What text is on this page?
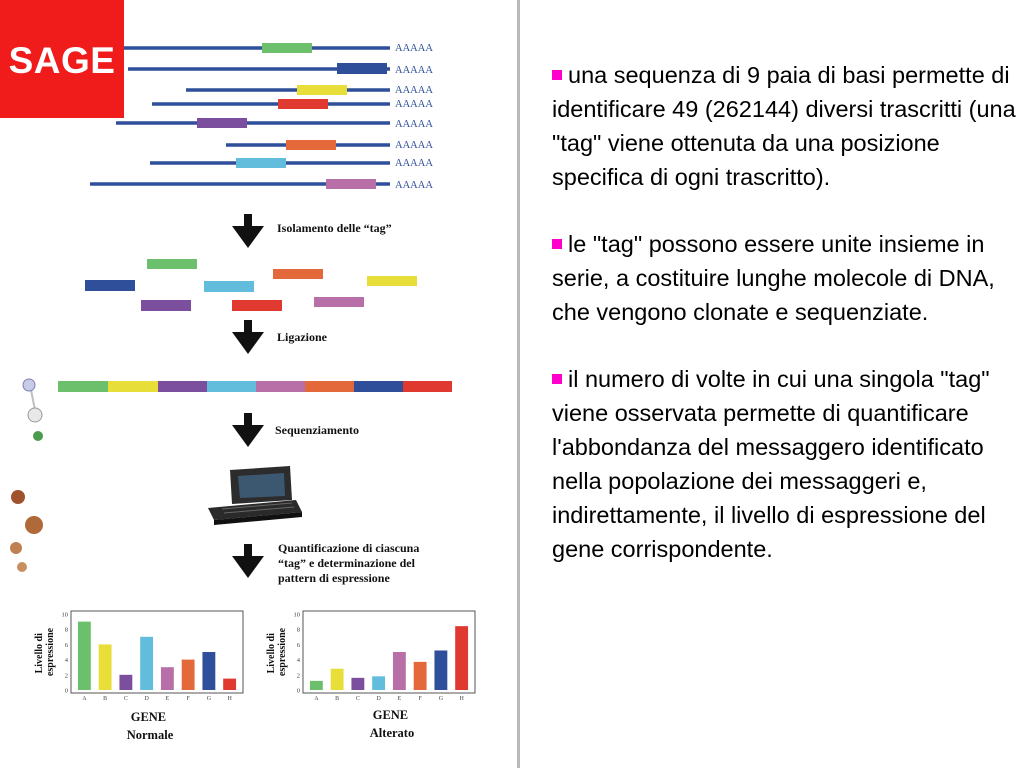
AAAAA
AAAAA
AAAAA
AAAAA
AAAAA
AAAAA
AAAAA
AAAAA
Isolamento delle “tag”
Ligazione
Sequenziamento
Quantificazione di ciascuna “tag” e determinazione del pattern di espressione
Livello di espressione
GENE Normale
0
2
4
6
8
10
A	B	C	D	E	F	G	H
Livello di espressione
GENE Alterato
0
2
4
6
8
10
A	B	C	D	E	F	G	H
SAGE	una sequenza di 9 paia di basi permette di identificare 49 (262144) diversi trascritti (una "tag" viene ottenuta da una posizione specifica di ogni trascritto).

le "tag" possono essere unite insieme in serie, a costituire lunghe molecole di DNA, che vengono clonate e sequenziate.

il numero di volte in cui una singola "tag" viene osservata permette di quantificare l'abbondanza del messaggero identificato nella popolazione dei messaggeri e, indirettamente, il livello di espressione del gene corrispondente.
